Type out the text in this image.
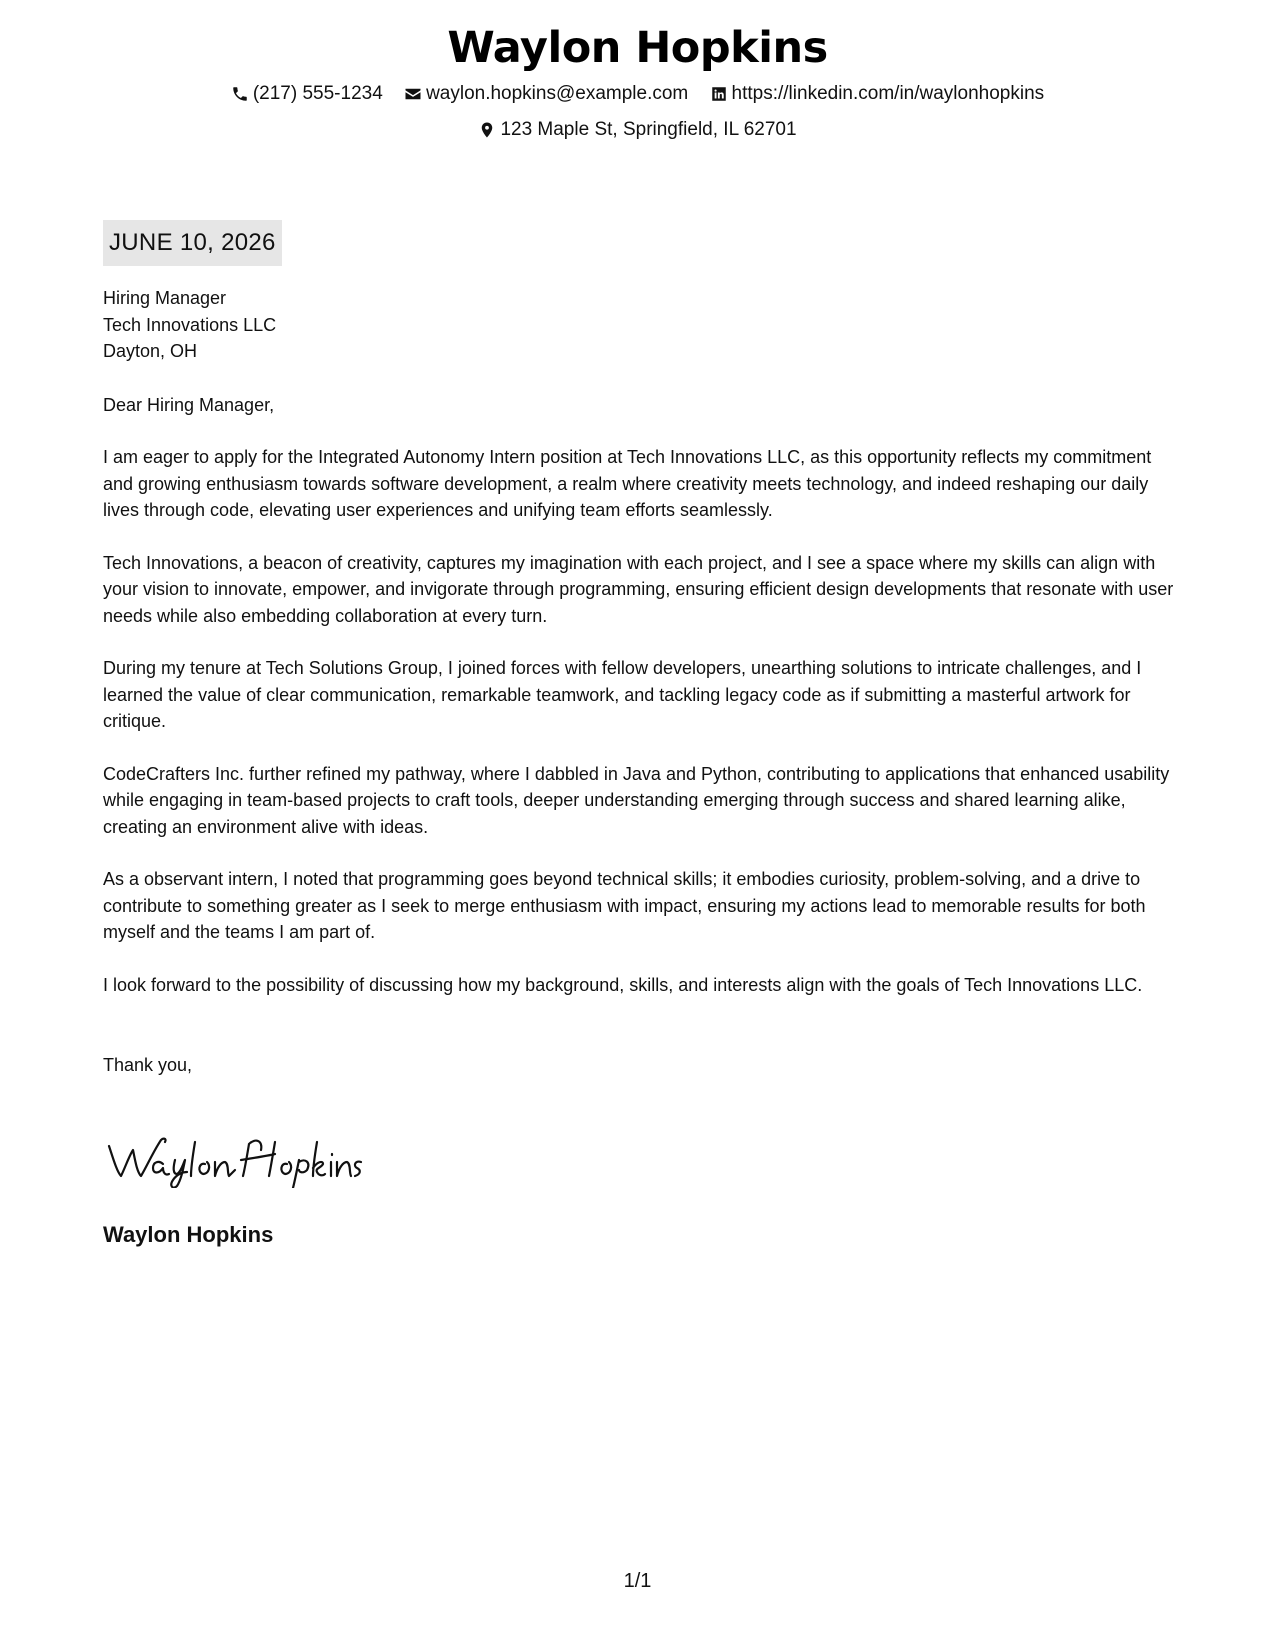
Waylon Hopkins
(217) 555-1234
waylon.hopkins@example.com
https://linkedin.com/in/waylonhopkins
123 Maple St, Springfield, IL 62701
JUNE 10, 2026
Hiring Manager
Tech Innovations LLC
Dayton, OH
Dear Hiring Manager,
I am eager to apply for the Integrated Autonomy Intern position at Tech Innovations LLC, as this opportunity reflects my commitment and growing enthusiasm towards software development, a realm where creativity meets technology, and indeed reshaping our daily lives through code, elevating user experiences and unifying team efforts seamlessly.
Tech Innovations, a beacon of creativity, captures my imagination with each project, and I see a space where my skills can align with your vision to innovate, empower, and invigorate through programming, ensuring efficient design developments that resonate with user needs while also embedding collaboration at every turn.
During my tenure at Tech Solutions Group, I joined forces with fellow developers, unearthing solutions to intricate challenges, and I learned the value of clear communication, remarkable teamwork, and tackling legacy code as if submitting a masterful artwork for critique.
CodeCrafters Inc. further refined my pathway, where I dabbled in Java and Python, contributing to applications that enhanced usability while engaging in team-based projects to craft tools, deeper understanding emerging through success and shared learning alike, creating an environment alive with ideas.
As a observant intern, I noted that programming goes beyond technical skills; it embodies curiosity, problem-solving, and a drive to contribute to something greater as I seek to merge enthusiasm with impact, ensuring my actions lead to memorable results for both myself and the teams I am part of.
I look forward to the possibility of discussing how my background, skills, and interests align with the goals of Tech Innovations LLC.
Thank you,
Waylon Hopkins
1/1
